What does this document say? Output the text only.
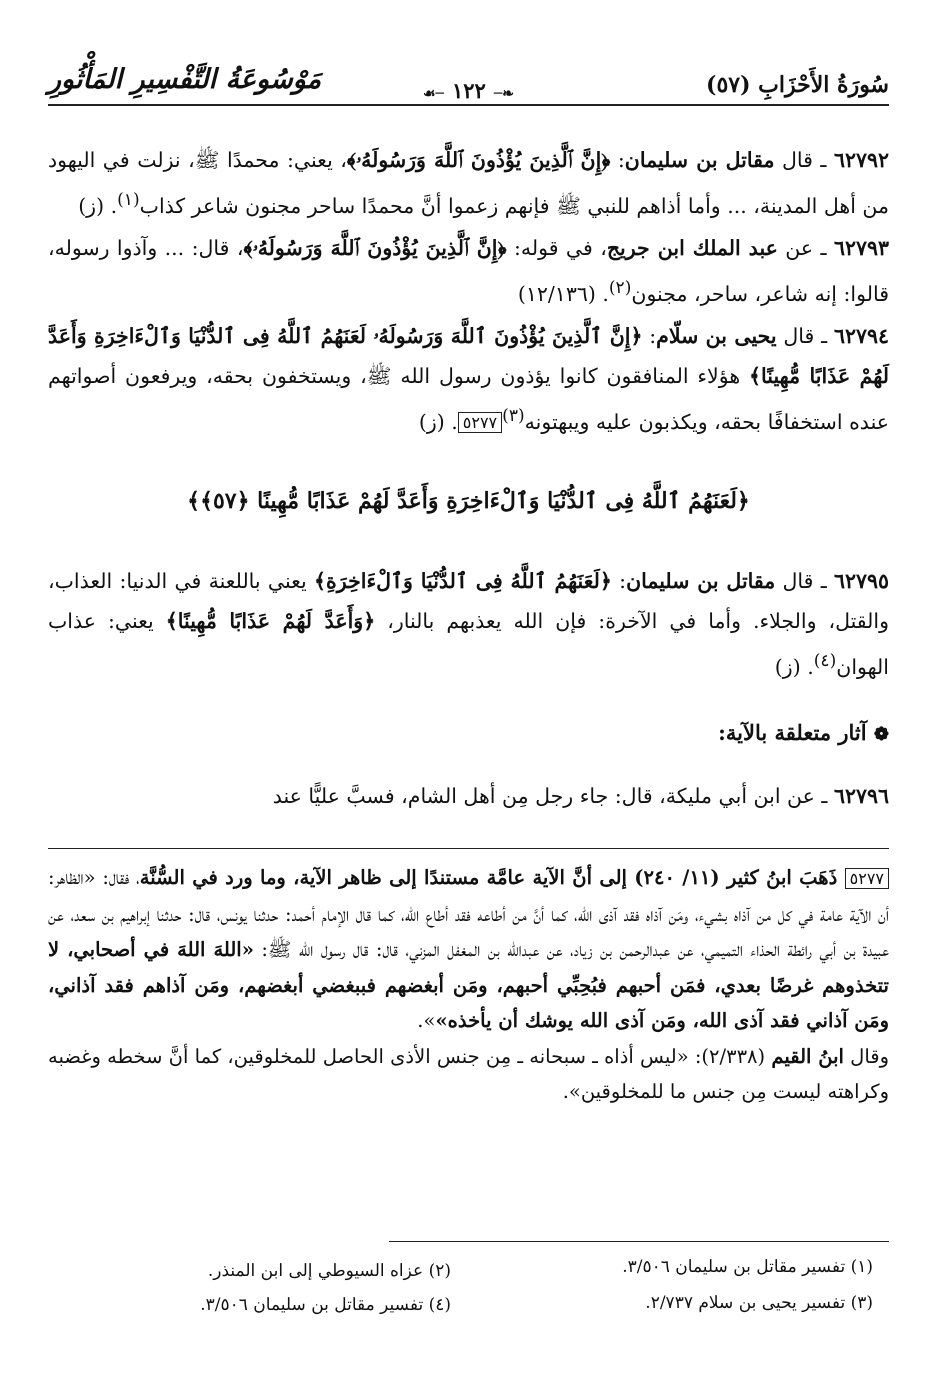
سُورَةُ الأَحْزَابِ (٥٧)
❧─١٢٢─☙
مَوْسُوعَةُ التَّفْسِيرِ المَأْثُورِ

٦٢٧٩٢ ـ قال مقاتل بن سليمان: ﴿إِنَّ ٱلَّذِينَ يُؤْذُونَ ٱللَّهَ وَرَسُولَهُۥ﴾، يعني: محمدًا ﷺ، نزلت في اليهود من أهل المدينة، ... وأما أذاهم للنبي ﷺ فإنهم زعموا أنَّ محمدًا ساحر مجنون شاعر كذاب$^{(١)}$. (ز)

٦٢٧٩٣ ـ عن عبد الملك ابن جريج، في قوله: ﴿إِنَّ ٱلَّذِينَ يُؤْذُونَ ٱللَّهَ وَرَسُولَهُۥ﴾، قال: ... وآذوا رسوله، قالوا: إنه شاعر، ساحر، مجنون$^{(٢)}$. (١٢/١٣٦)

٦٢٧٩٤ ـ قال يحيى بن سلّام: ﴿إِنَّ ٱلَّذِينَ يُؤْذُونَ ٱللَّهَ وَرَسُولَهُۥ لَعَنَهُمُ ٱللَّهُ فِى ٱلدُّنْيَا وَٱلْءَاخِرَةِ وَأَعَدَّ لَهُمْ عَذَابًا مُّهِينًا﴾ هؤلاء المنافقون كانوا يؤذون رسول الله ﷺ، ويستخفون بحقه، ويرفعون أصواتهم عنده استخفافًا بحقه، ويكذبون عليه ويبهتونه$^{(٣)}$٥٢٧٧. (ز)

﴿لَعَنَهُمُ ٱللَّهُ فِى ٱلدُّنْيَا وَٱلْءَاخِرَةِ وَأَعَدَّ لَهُمْ عَذَابًا مُّهِينًا ﴿٥٧﴾﴾

٦٢٧٩٥ ـ قال مقاتل بن سليمان: ﴿لَعَنَهُمُ ٱللَّهُ فِى ٱلدُّنْيَا وَٱلْءَاخِرَةِ﴾ يعني باللعنة في الدنيا: العذاب، والقتل، والجلاء. وأما في الآخرة: فإن الله يعذبهم بالنار، ﴿وَأَعَدَّ لَهُمْ عَذَابًا مُّهِينًا﴾ يعني: عذاب الهوان$^{(٤)}$. (ز)

❁ آثار متعلقة بالآية:

٦٢٧٩٦ ـ عن ابن أبي مليكة، قال: جاء رجل مِن أهل الشام، فسبَّ عليًّا عند

٥٢٧٧ ذَهَبَ ابنُ كثير (١١/ ٢٤٠) إلى أنَّ الآية عامَّة مستندًا إلى ظاهر الآية، وما ورد في السُّنَّة، فقال: «الظاهر: أن الآية عامة في كل من آذاه بشيء، ومَن آذاه فقد آذى الله، كما أنَّ من أطاعه فقد أطاع الله، كما قال الإمام أحمد: حدثنا يونس، قال: حدثنا إبراهيم بن سعد، عن عبيدة بن أبي رائطة الحذاء التميمي، عن عبدالرحمن بن زياد، عن عبدالله بن المغفل المزني، قال: قال رسول الله ﷺ: «اللهَ اللهَ في أصحابي، لا تتخذوهم غرضًا بعدي، فمَن أحبهم فبُحِبِّي أحبهم، ومَن أبغضهم فببغضي أبغضهم، ومَن آذاهم فقد آذاني، ومَن آذاني فقد آذى الله، ومَن آذى الله يوشك أن يأخذه»».
وقال ابنُ القيم (٢/٣٣٨): «ليس أذاه ـ سبحانه ـ مِن جنس الأذى الحاصل للمخلوقين، كما أنَّ سخطه وغضبه وكراهته ليست مِن جنس ما للمخلوقين».
(١) تفسير مقاتل بن سليمان ٣/٥٠٦.
(٢) عزاه السيوطي إلى ابن المنذر.
(٣) تفسير يحيى بن سلام ٢/٧٣٧.
(٤) تفسير مقاتل بن سليمان ٣/٥٠٦.
